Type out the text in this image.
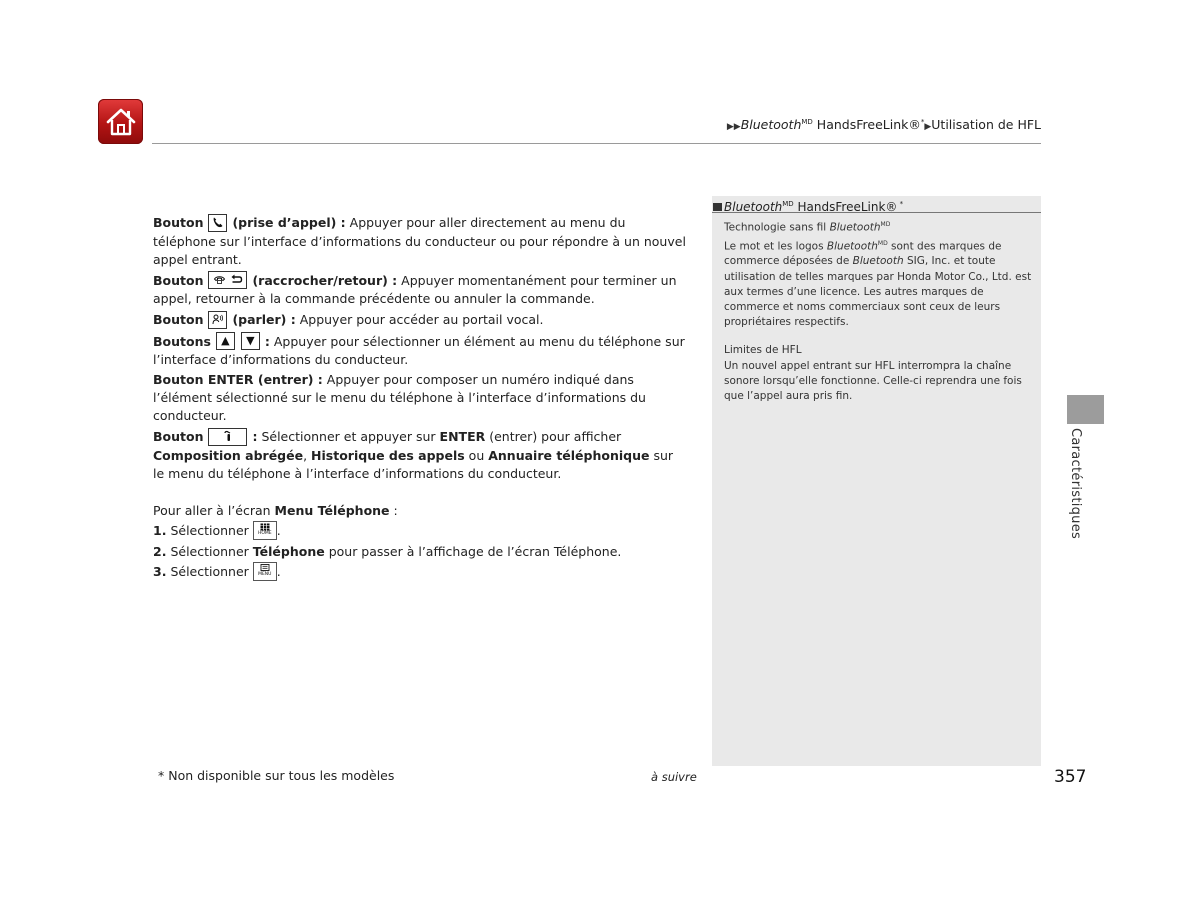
▶▶Bluetooth$^{MD}$ HandsFreeLink®*▶Utilisation de HFL

Bouton (prise d’appel) : Appuyer pour aller directement au menu du téléphone sur l’interface d’informations du conducteur ou pour répondre à un nouvel appel entrant.

Bouton	(raccrocher/retour) : Appuyer momentanément pour terminer un appel, retourner à la commande précédente ou annuler la commande.

Bouton (parler) : Appuyer pour accéder au portail vocal.

Boutons ▲ ▼ : Appuyer pour sélectionner un élément au menu du téléphone sur l’interface d’informations du conducteur.

Bouton ENTER (entrer) : Appuyer pour composer un numéro indiqué dans l’élément sélectionné sur le menu du téléphone à l’interface d’informations du conducteur.

Bouton	: Sélectionner et appuyer sur ENTER (entrer) pour afficher Composition abrégée, Historique des appels ou Annuaire téléphonique sur le menu du téléphone à l’interface d’informations du conducteur.

Pour aller à l’écran Menu Téléphone :

1. Sélectionner HOME .

2. Sélectionner Téléphone pour passer à l’affichage de l’écran Téléphone.

3. Sélectionner MENU .

Bluetooth$^{MD}$ HandsFreeLink® *

Technologie sans fil Bluetooth$^{MD}$

Le mot et les logos Bluetooth$^{MD}$ sont des marques de commerce déposées de Bluetooth SIG, Inc. et toute utilisation de telles marques par Honda Motor Co., Ltd. est aux termes d’une licence. Les autres marques de commerce et noms commerciaux sont ceux de leurs propriétaires respectifs.

Limites de HFL

Un nouvel appel entrant sur HFL interrompra la chaîne sonore lorsqu’elle fonctionne. Celle-ci reprendra une fois que l’appel aura pris fin.

Caractéristiques
* Non disponible sur tous les modèles	à suivre	357
